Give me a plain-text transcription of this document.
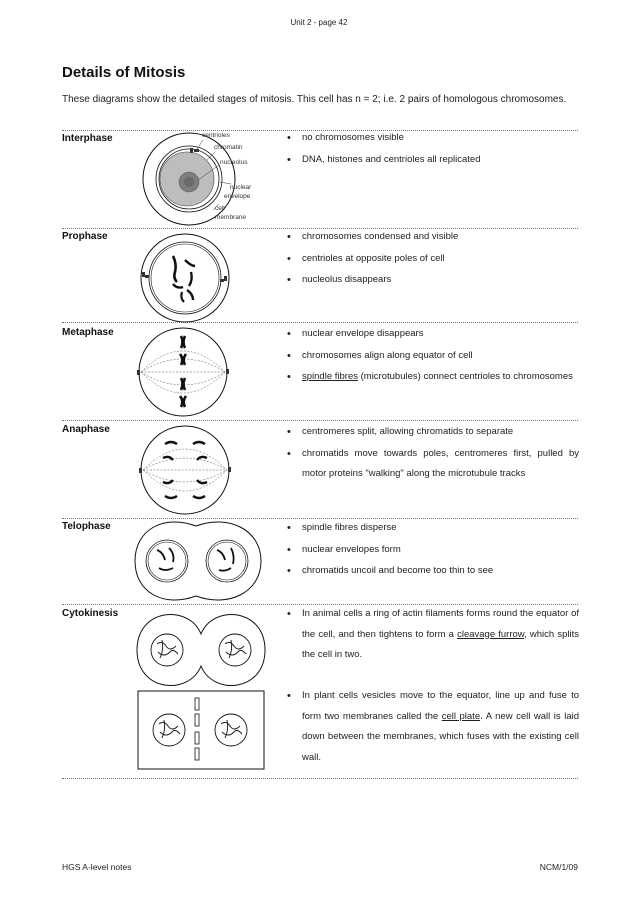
Unit 2 - page 42
Details of Mitosis

These diagrams show the detailed stages of mitosis. This cell has n = 2; i.e. 2 pairs of homologous chromosomes.

Interphase	centrioles
chromatin
nucleolus
nuclear
envelope
cell
membrane
• no chromosomes visible
• DNA, histones and centrioles all replicated
Prophase	• chromosomes condensed and visible
• centrioles at opposite poles of cell
• nucleolus disappears
Metaphase	• nuclear envelope disappears
• chromosomes align along equator of cell
• spindle fibres (microtubules) connect centrioles to chromosomes
Anaphase	• centromeres split, allowing chromatids to separate
• chromatids move towards poles, centromeres first, pulled by motor proteins "walking" along the microtubule tracks
Telophase	• spindle fibres disperse
• nuclear envelopes form
• chromatids uncoil and become too thin to see
Cytokinesis	• In animal cells a ring of actin filaments forms round the equator of the cell, and then tightens to form a cleavage furrow, which splits the cell in two.
• In plant cells vesicles move to the equator, line up and fuse to form two membranes called the cell plate. A new cell wall is laid down between the membranes, which fuses with the existing cell wall.
HGS A-level notes	NCM/1/09
